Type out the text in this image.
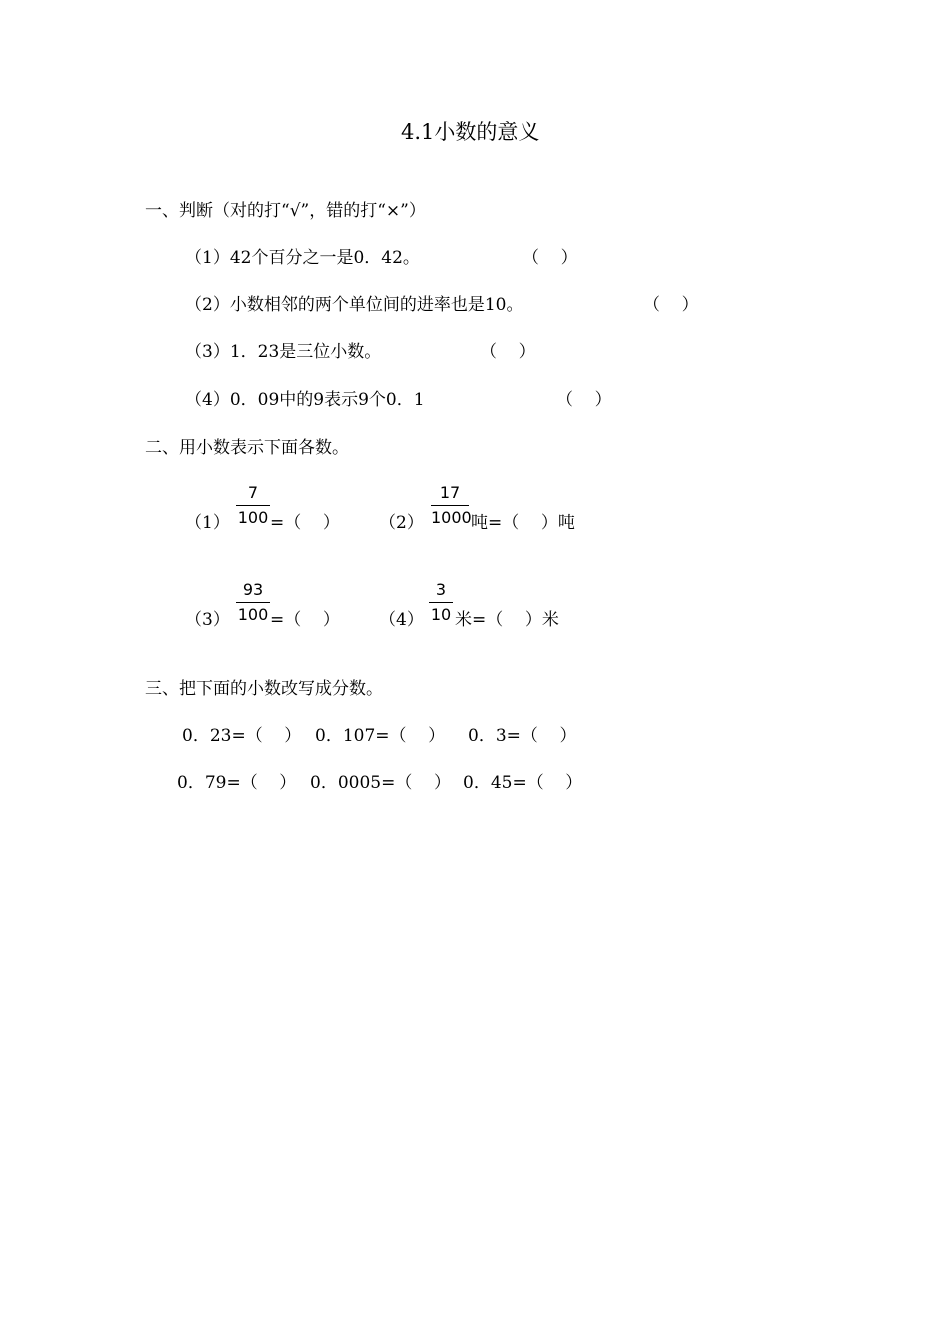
4.1小数的意义
一、判断（对的打“√”，错的打“×”）
（1）42个百分之一是0．42。	（    ）
（2）小数相邻的两个单位间的进率也是10。	（    ）
（3）1．23是三位小数。	（    ）
（4）0．09中的9表示9个0．1	（    ）
二、用小数表示下面各数。
（1）
7
100 =（    ） （2）
17
1000 吨 =（    ）吨
（3）
93
100 =（    ） （4）
3
10 米 =（    ）米
三、把下面的小数改写成分数。
0．23=（    ） 0．107=（    ） 0．3=（    ）
0．79=（    ） 0．0005=（    ） 0．45=（    ）
